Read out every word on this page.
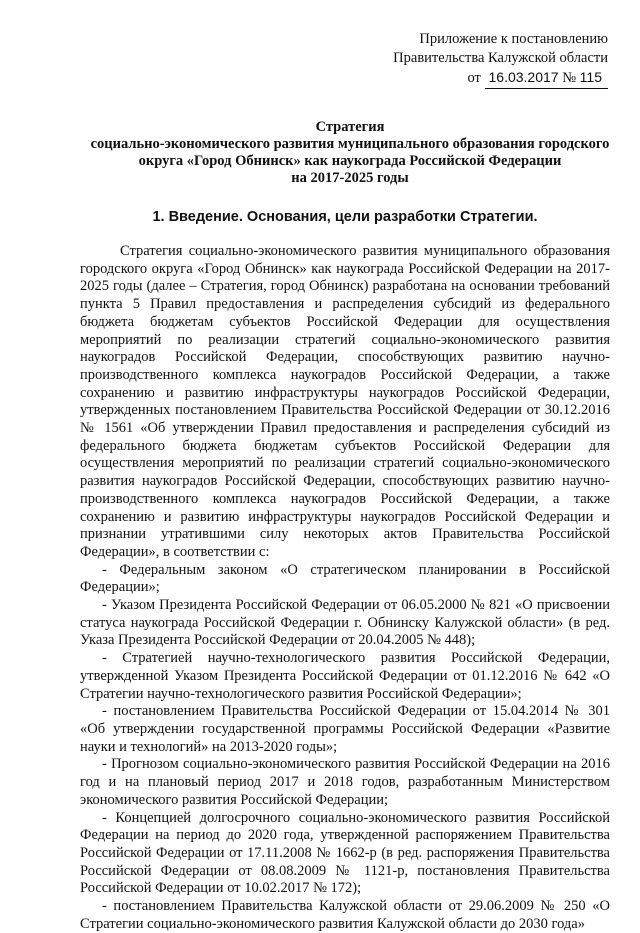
Приложение к постановлению
Правительства Калужской области
от 16.03.2017 № 115
Стратегия
социально-экономического развития муниципального образования городского
округа «Город Обнинск» как наукограда Российской Федерации
на 2017-2025 годы
1. Введение. Основания, цели разработки Стратегии.

Стратегия социально-экономического развития муниципального образования городского округа «Город Обнинск» как наукограда Российской Федерации на 2017-2025 годы (далее – Стратегия, город Обнинск) разработана на основании требований пункта 5 Правил предоставления и распределения субсидий из федерального бюджета бюджетам субъектов Российской Федерации для осуществления мероприятий по реализации стратегий социально-экономического развития наукоградов Российской Федерации, способствующих развитию научно-производственного комплекса наукоградов Российской Федерации, а также сохранению и развитию инфраструктуры наукоградов Российской Федерации, утвержденных постановлением Правительства Российской Федерации от 30.12.2016 № 1561 «Об утверждении Правил предоставления и распределения субсидий из федерального бюджета бюджетам субъектов Российской Федерации для осуществления мероприятий по реализации стратегий социально-экономического развития наукоградов Российской Федерации, способствующих развитию научно-производственного комплекса наукоградов Российской Федерации, а также сохранению и развитию инфраструктуры наукоградов Российской Федерации и признании утратившими силу некоторых актов Правительства Российской Федерации», в соответствии с:

- Федеральным законом «О стратегическом планировании в Российской Федерации»;

- Указом Президента Российской Федерации от 06.05.2000 № 821 «О присвоении статуса наукограда Российской Федерации г. Обнинску Калужской области» (в ред. Указа Президента Российской Федерации от 20.04.2005 № 448);

- Стратегией научно-технологического развития Российской Федерации, утвержденной Указом Президента Российской Федерации от 01.12.2016 № 642 «О Стратегии научно-технологического развития Российской Федерации»;

- постановлением Правительства Российской Федерации от 15.04.2014 № 301 «Об утверждении государственной программы Российской Федерации «Развитие науки и технологий» на 2013-2020 годы»;

- Прогнозом социально-экономического развития Российской Федерации на 2016 год и на плановый период 2017 и 2018 годов, разработанным Министерством экономического развития Российской Федерации;

- Концепцией долгосрочного социально-экономического развития Российской Федерации на период до 2020 года, утвержденной распоряжением Правительства Российской Федерации от 17.11.2008 № 1662-р (в ред. распоряжения Правительства Российской Федерации от 08.08.2009 № 1121-р, постановления Правительства Российской Федерации от 10.02.2017 № 172);

- постановлением Правительства Калужской области от 29.06.2009 № 250 «О Стратегии социально-экономического развития Калужской области до 2030 года»
